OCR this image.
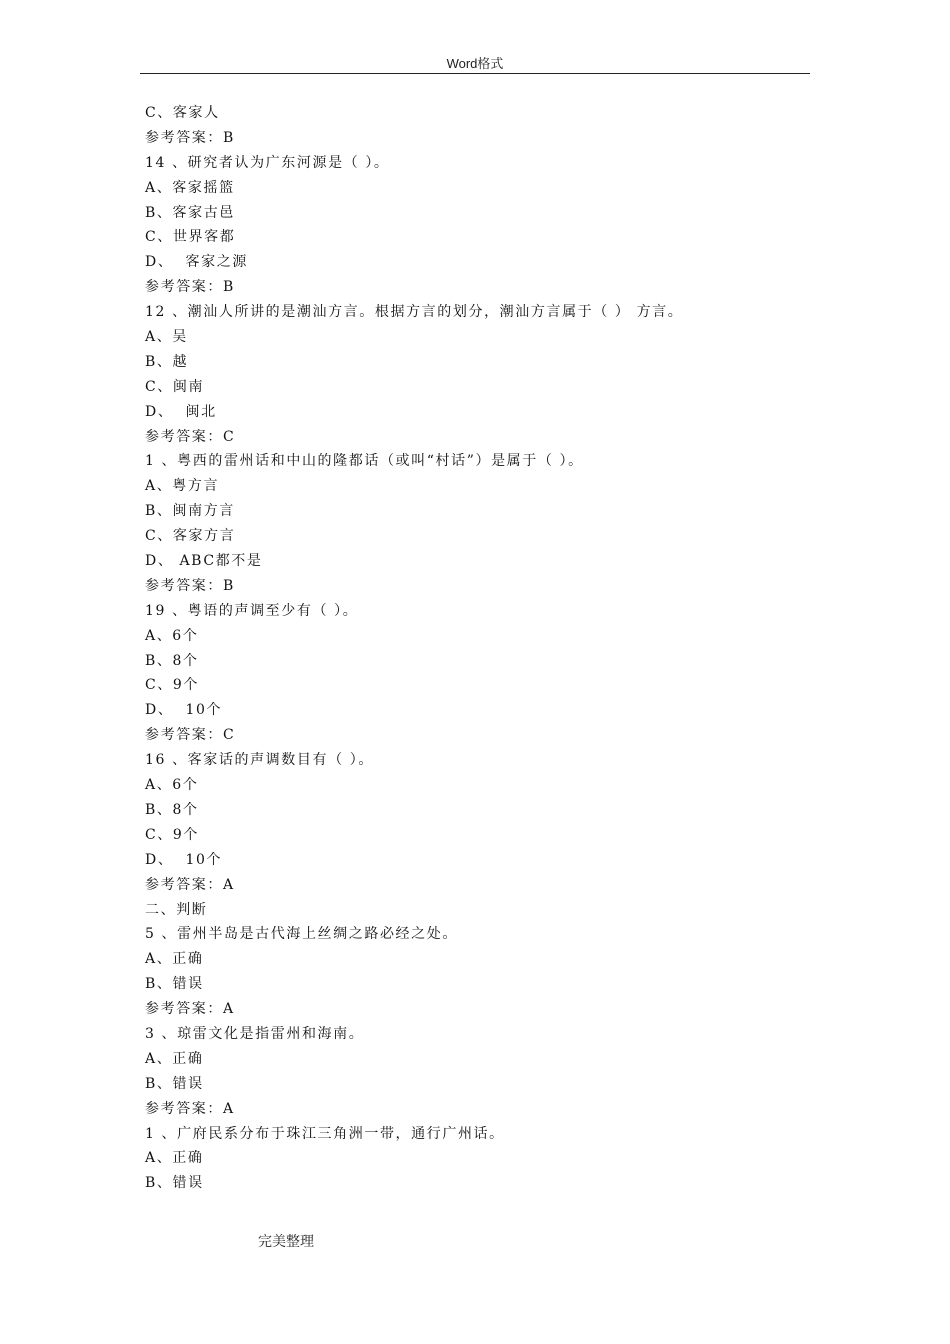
Word格式
C、客家人
参考答案：B
14 、研究者认为广东河源是（ ）。
A、客家摇篮
B、客家古邑
C、世界客都
D、  客家之源
参考答案：B
12 、潮汕人所讲的是潮汕方言。根据方言的划分，潮汕方言属于（ ） 方言。
A、吴
B、越
C、闽南
D、  闽北
参考答案：C
1 、粤西的雷州话和中山的隆都话（或叫“村话”）是属于（ ）。
A、粤方言
B、闽南方言
C、客家方言
D、 ABC都不是
参考答案：B
19 、粤语的声调至少有（ ）。
A、6个
B、8个
C、9个
D、  10个
参考答案：C
16 、客家话的声调数目有（ ）。
A、6个
B、8个
C、9个
D、  10个
参考答案：A
二、判断
5 、雷州半岛是古代海上丝绸之路必经之处。
A、正确
B、错误
参考答案：A
3 、琼雷文化是指雷州和海南。
A、正确
B、错误
参考答案：A
1 、广府民系分布于珠江三角洲一带，通行广州话。
A、正确
B、错误
完美整理
